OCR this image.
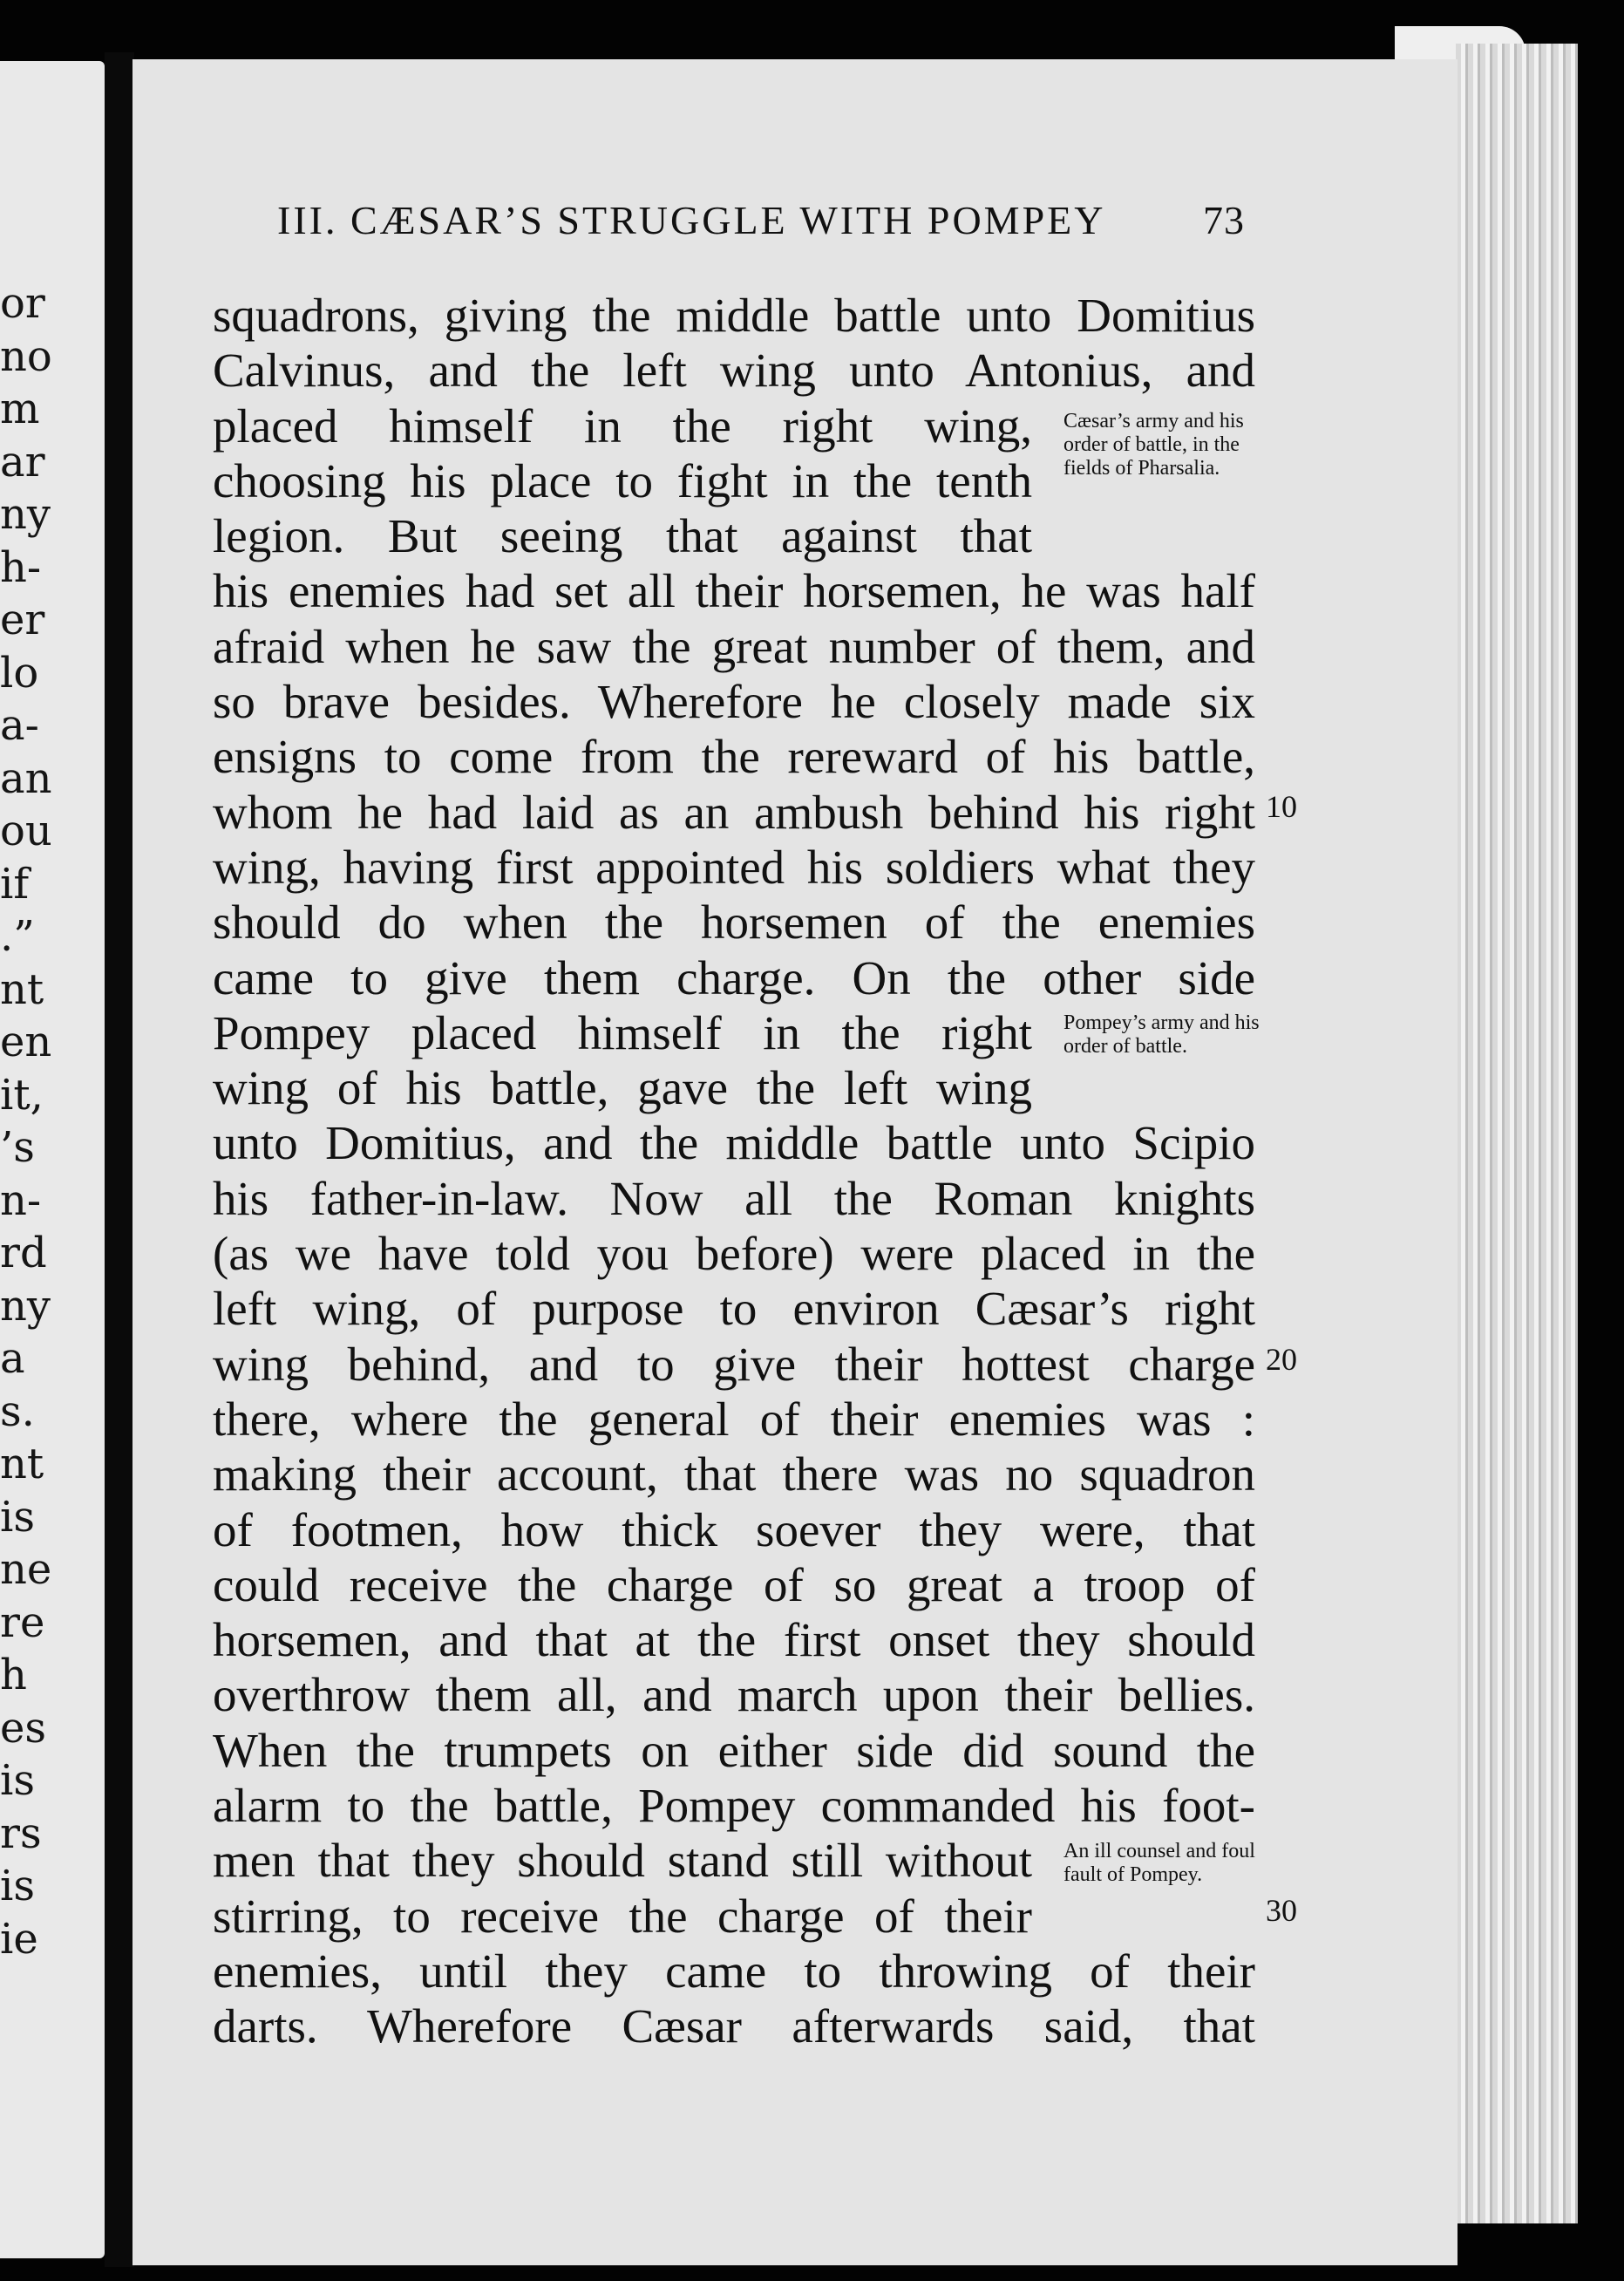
or
no
m
ar
ny
h-
er
lo
a-
an
ou
if
.”
nt
en
it,
’s
n-
rd
ny
a
s.
nt
is
ne
re
h
es
is
rs
is
ie
III. CÆSAR’S STRUGGLE WITH POMPEY 73
squadrons, giving the middle battle unto Domitius
Calvinus, and the left wing unto Antonius, and
placed himself in the right wing,
choosing his place to fight in the tenth
legion. But seeing that against that
his enemies had set all their horsemen, he was half
afraid when he saw the great number of them, and
so brave besides. Wherefore he closely made six
ensigns to come from the rereward of his battle,
whom he had laid as an ambush behind his right
wing, having first appointed his soldiers what they
should do when the horsemen of the enemies
came to give them charge. On the other side
Pompey placed himself in the right
wing of his battle, gave the left wing
unto Domitius, and the middle battle unto Scipio
his father-in-law. Now all the Roman knights
(as we have told you before) were placed in the
left wing, of purpose to environ Cæsar’s right
wing behind, and to give their hottest charge
there, where the general of their enemies was :
making their account, that there was no squadron
of footmen, how thick soever they were, that
could receive the charge of so great a troop of
horsemen, and that at the first onset they should
overthrow them all, and march upon their bellies.
When the trumpets on either side did sound the
alarm to the battle, Pompey commanded his foot-
men that they should stand still without
stirring, to receive the charge of their
enemies, until they came to throwing of their
darts. Wherefore Cæsar afterwards said, that
Cæsar’s army and his order of battle, in the fields of Pharsalia.
Pompey’s army and his order of battle.
An ill counsel and foul fault of Pompey.
10
20
30
